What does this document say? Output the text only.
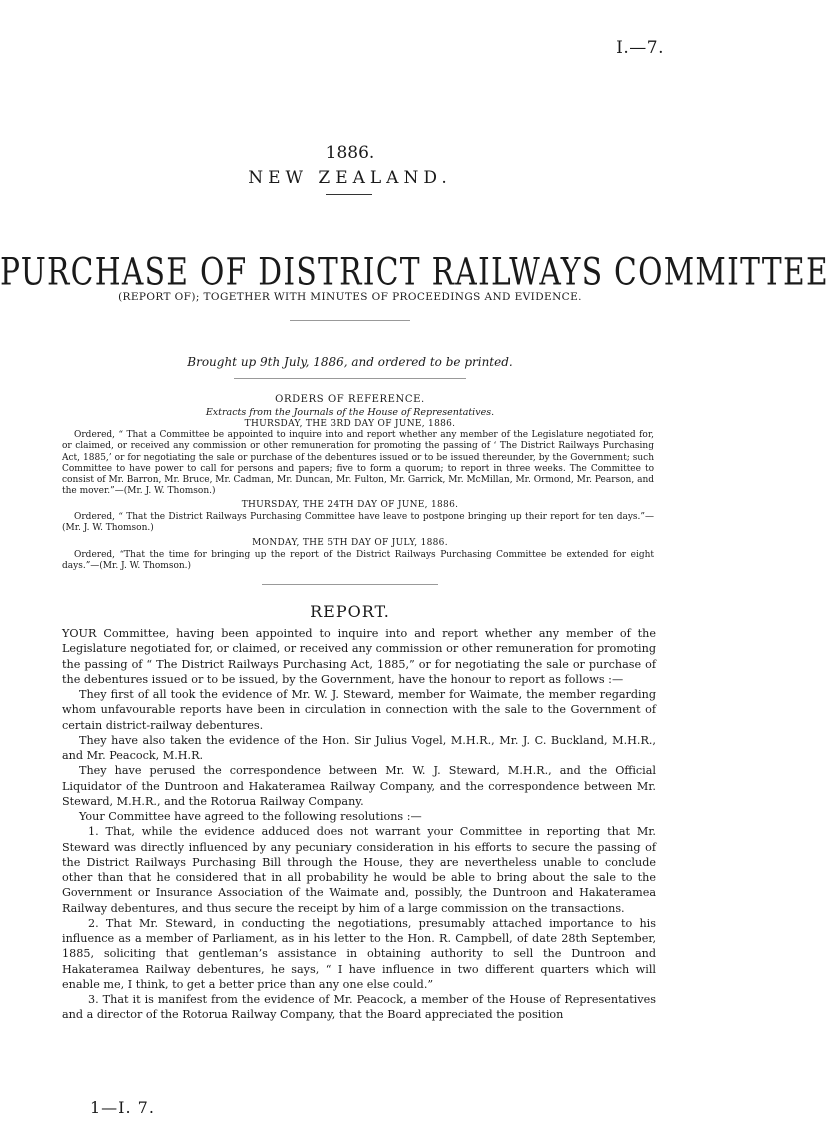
I.—7.
1886.
NEW ZEALAND.
PURCHASE OF DISTRICT RAILWAYS COMMITTEE
(REPORT OF); TOGETHER WITH MINUTES OF PROCEEDINGS AND EVIDENCE.
Brought up 9th July, 1886, and ordered to be printed.
ORDERS OF REFERENCE.
Extracts from the Journals of the House of Representatives.
THURSDAY, THE 3RD DAY OF JUNE, 1886.
Ordered, “ That a Committee be appointed to inquire into and report whether any member of the Legislature negotiated for, or claimed, or received any commission or other remuneration for promoting the passing of ‘ The District Railways Purchasing Act, 1885,’ or for negotiating the sale or purchase of the debentures issued or to be issued thereunder, by the Government; such Committee to have power to call for persons and papers; five to form a quorum; to report in three weeks. The Committee to consist of Mr. Barron, Mr. Bruce, Mr. Cadman, Mr. Duncan, Mr. Fulton, Mr. Garrick, Mr. McMillan, Mr. Ormond, Mr. Pearson, and the mover.”—(Mr. J. W. Thomson.)
REPORT.

YOUR Committee, having been appointed to inquire into and report whether any member of the Legislature negotiated for, or claimed, or received any commission or other remuneration for promoting the passing of “ The District Railways Purchasing Act, 1885,” or for negotiating the sale or purchase of the debentures issued or to be issued, by the Government, have the honour to report as follows :—

They first of all took the evidence of Mr. W. J. Steward, member for Waimate, the member regarding whom unfavourable reports have been in circulation in connection with the sale to the Government of certain district-railway debentures.

They have also taken the evidence of the Hon. Sir Julius Vogel, M.H.R., Mr. J. C. Buckland, M.H.R., and Mr. Peacock, M.H.R.

They have perused the correspondence between Mr. W. J. Steward, M.H.R., and the Official Liquidator of the Duntroon and Hakateramea Railway Company, and the correspondence between Mr. Steward, M.H.R., and the Rotorua Railway Company.

Your Committee have agreed to the following resolutions :—

1. That, while the evidence adduced does not warrant your Committee in reporting that Mr. Steward was directly influenced by any pecuniary consideration in his efforts to secure the passing of the District Railways Purchasing Bill through the House, they are nevertheless unable to conclude other than that he considered that in all probability he would be able to bring about the sale to the Government or Insurance Association of the Waimate and, possibly, the Duntroon and Hakateramea Railway debentures, and thus secure the receipt by him of a large commission on the transactions.

2. That Mr. Steward, in conducting the negotiations, presumably attached importance to his influence as a member of Parliament, as in his letter to the Hon. R. Campbell, of date 28th September, 1885, soliciting that gentleman’s assistance in obtaining authority to sell the Duntroon and Hakateramea Railway debentures, he says, “ I have influence in two different quarters which will enable me, I think, to get a better price than any one else could.”

3. That it is manifest from the evidence of Mr. Peacock, a member of the House of Representatives and a director of the Rotorua Railway Company, that the Board appreciated the position

1—I. 7.
THURSDAY, THE 24TH DAY OF JUNE, 1886.
Ordered, “ That the District Railways Purchasing Committee have leave to postpone bringing up their report for ten days.”—(Mr. J. W. Thomson.)
MONDAY, THE 5TH DAY OF JULY, 1886.
Ordered, “That the time for bringing up the report of the District Railways Purchasing Committee be extended for eight days.”—(Mr. J. W. Thomson.)
